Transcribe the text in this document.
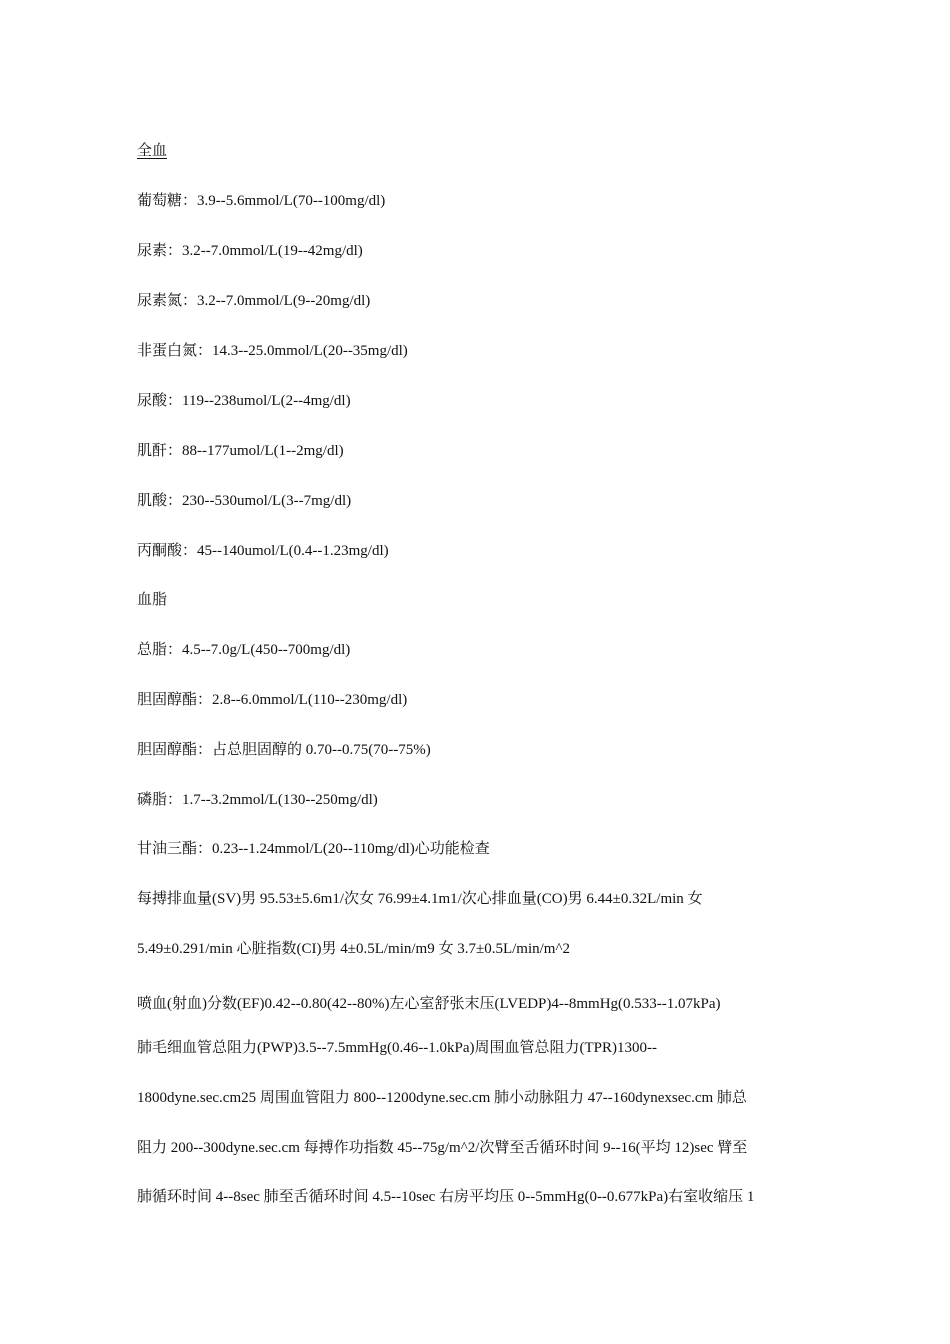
全血
葡萄糖：3.9--5.6mmol/L(70--100mg/dl)
尿素：3.2--7.0mmol/L(19--42mg/dl)
尿素氮：3.2--7.0mmol/L(9--20mg/dl)
非蛋白氮：14.3--25.0mmol/L(20--35mg/dl)
尿酸：119--238umol/L(2--4mg/dl)
肌酐：88--177umol/L(1--2mg/dl)
肌酸：230--530umol/L(3--7mg/dl)
丙酮酸：45--140umol/L(0.4--1.23mg/dl)
血脂
总脂：4.5--7.0g/L(450--700mg/dl)
胆固醇酯：2.8--6.0mmol/L(110--230mg/dl)
胆固醇酯：占总胆固醇的 0.70--0.75(70--75%)
磷脂：1.7--3.2mmol/L(130--250mg/dl)
甘油三酯：0.23--1.24mmol/L(20--110mg/dl)心功能检查
每搏排血量(SV)男 95.53±5.6m1/次女 76.99±4.1m1/次心排血量(CO)男 6.44±0.32L/min 女
5.49±0.291/min 心脏指数(CI)男 4±0.5L/min/m9 女 3.7±0.5L/min/m^2
喷血(射血)分数(EF)0.42--0.80(42--80%)左心室舒张末压(LVEDP)4--8mmHg(0.533--1.07kPa)
肺毛细血管总阻力(PWP)3.5--7.5mmHg(0.46--1.0kPa)周围血管总阻力(TPR)1300--
1800dyne.sec.cm25 周围血管阻力 800--1200dyne.sec.cm 肺小动脉阻力 47--160dynexsec.cm 肺总
阻力 200--300dyne.sec.cm 每搏作功指数 45--75g/m^2/次臂至舌循环时间 9--16(平均 12)sec 臂至
肺循环时间 4--8sec 肺至舌循环时间 4.5--10sec 右房平均压 0--5mmHg(0--0.677kPa)右室收缩压 1
